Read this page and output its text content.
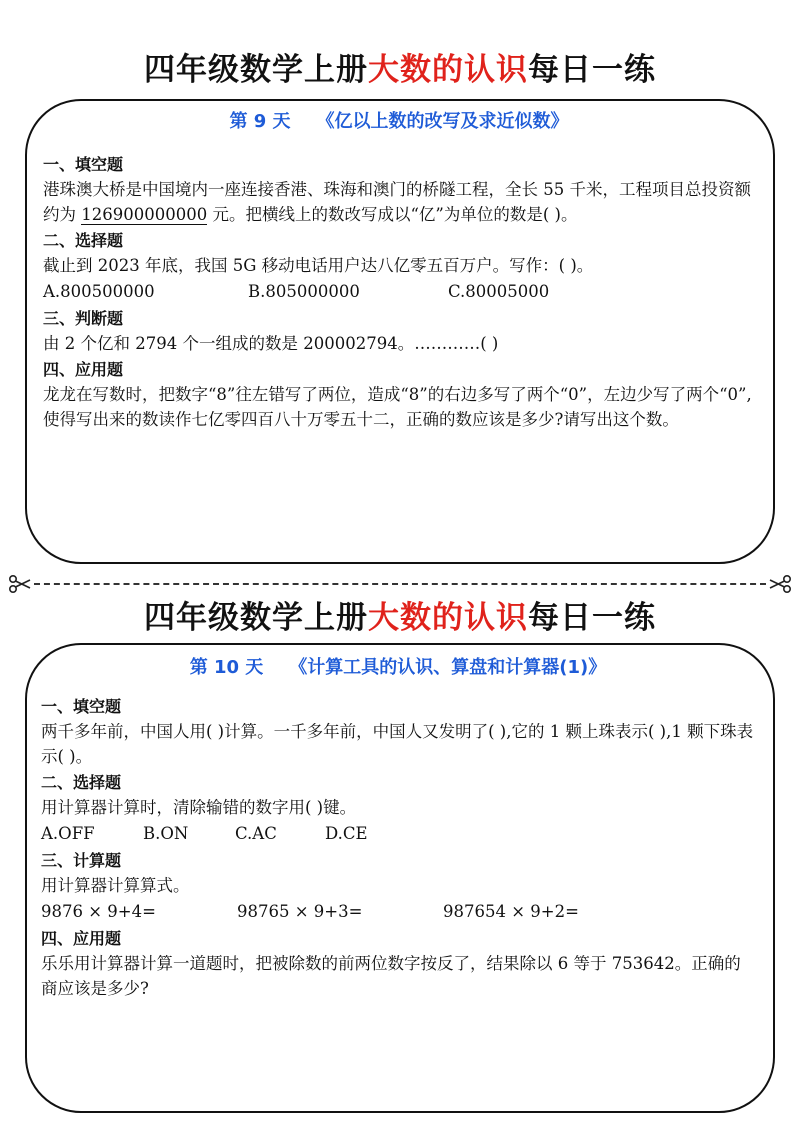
四年级数学上册大数的认识每日一练
第 9 天 《亿以上数的改写及求近似数》

一、填空题

港珠澳大桥是中国境内一座连接香港、珠海和澳门的桥隧工程，全长 55 千米，工程项目总投资额约为 126900000000 元。把横线上的数改写成以“亿”为单位的数是( )。

二、选择题

截止到 2023 年底，我国 5G 移动电话用户达八亿零五百万户。写作：( )。

A.800500000	B.805000000	C.80005000

三、判断题

由 2 个亿和 2794 个一组成的数是 200002794。…………( )

四、应用题

龙龙在写数时，把数字“8”往左错写了两位，造成“8”的右边多写了两个“0”，左边少写了两个“0”,使得写出来的数读作七亿零四百八十万零五十二，正确的数应该是多少?请写出这个数。

四年级数学上册大数的认识每日一练
第 10 天 《计算工具的认识、算盘和计算器(1)》

一、填空题

两千多年前，中国人用( )计算。一千多年前，中国人又发明了( ),它的 1 颗上珠表示( ),1 颗下珠表示( )。

二、选择题

用计算器计算时，清除输错的数字用( )键。

A.OFF	B.ON	C.AC	D.CE

三、计算题

用计算器计算算式。

9876 × 9+4=	98765 × 9+3=	987654 × 9+2=

四、应用题

乐乐用计算器计算一道题时，把被除数的前两位数字按反了，结果除以 6 等于 753642。正确的商应该是多少?
